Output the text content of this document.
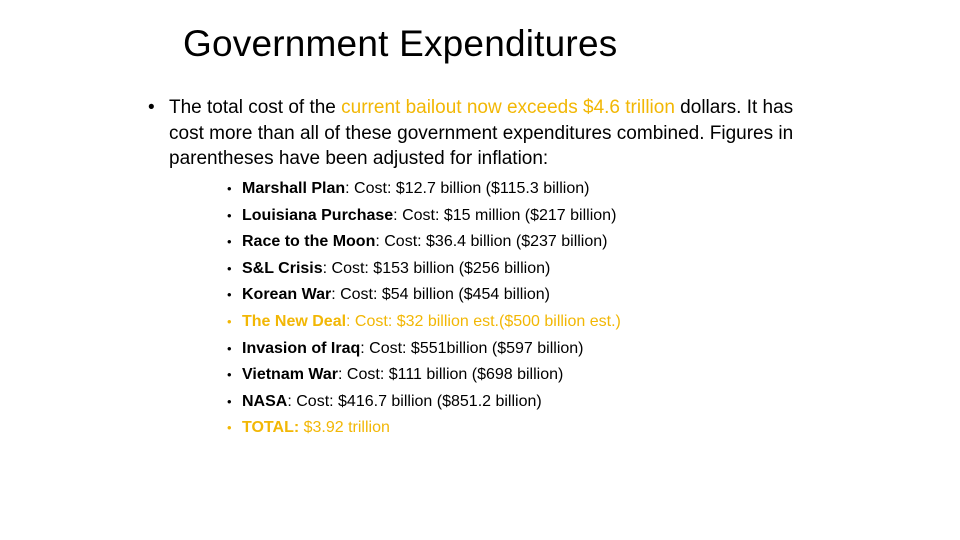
Government Expenditures
• The total cost of the current bailout now exceeds $4.6 trillion dollars. It has cost more than all of these government expenditures combined. Figures in parentheses have been adjusted for inflation:
• Marshall Plan: Cost: $12.7 billion ($115.3 billion)
• Louisiana Purchase: Cost: $15 million ($217 billion)
• Race to the Moon: Cost: $36.4 billion ($237 billion)
• S&L Crisis: Cost: $153 billion ($256 billion)
• Korean War: Cost: $54 billion ($454 billion)
• The New Deal: Cost: $32 billion est.($500 billion est.)
• Invasion of Iraq: Cost: $551billion ($597 billion)
• Vietnam War: Cost: $111 billion ($698 billion)
• NASA: Cost: $416.7 billion ($851.2 billion)
• TOTAL: $3.92 trillion
